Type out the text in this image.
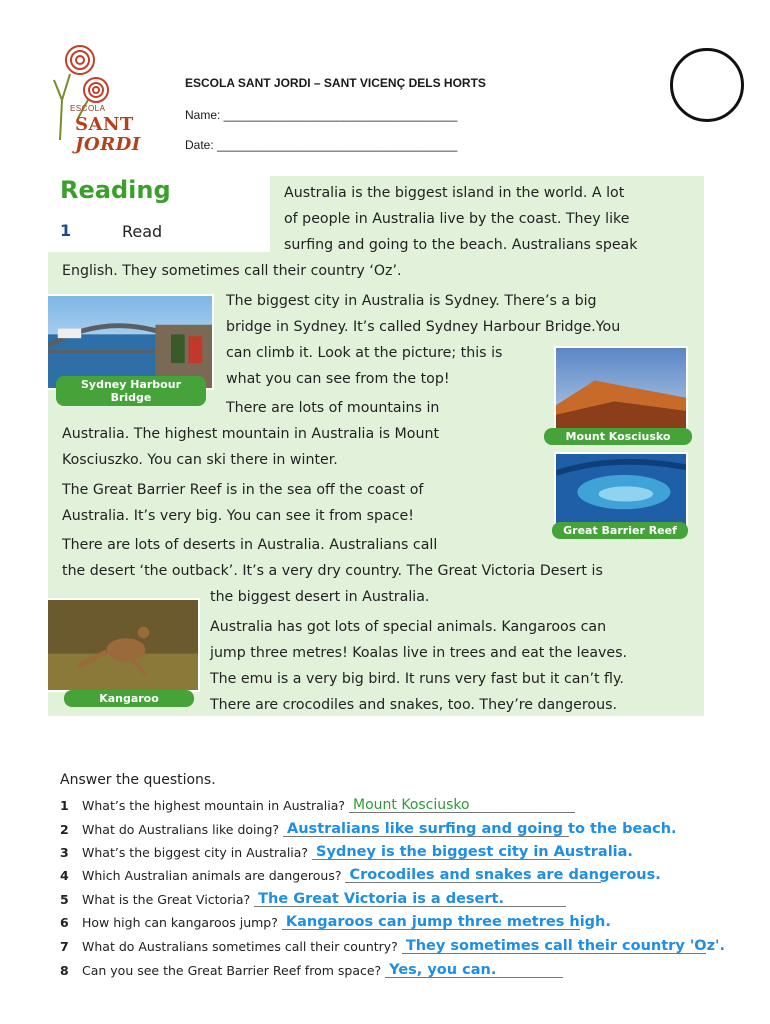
ESCOLA
SANT
JORDI
ESCOLA SANT JORDI – SANT VICENÇ DELS HORTS
Name: ___________________________________
Date: ____________________________________
Reading
1	Read

Australia is the biggest island in the world. A lot

of people in Australia live by the coast. They like

surfing and going to the beach. Australians speak

English. They sometimes call their country ‘Oz’.

The biggest city in Australia is Sydney. There’s a big

bridge in Sydney. It’s called Sydney Harbour Bridge.You

can climb it. Look at the picture; this is

what you can see from the top!

There are lots of mountains in

Australia. The highest mountain in Australia is Mount

Kosciuszko. You can ski there in winter.

The Great Barrier Reef is in the sea off the coast of

Australia. It’s very big. You can see it from space!

There are lots of deserts in Australia. Australians call

the desert ‘the outback’. It’s a very dry country. The Great Victoria Desert is

the biggest desert in Australia.

Australia has got lots of special animals. Kangaroos can

jump three metres! Koalas live in trees and eat the leaves.

The emu is a very big bird. It runs very fast but it can’t fly.

There are crocodiles and snakes, too. They’re dangerous.

Sydney Harbour Bridge
Mount Kosciusko
Great Barrier Reef
Kangaroo
Answer the questions.
1 What’s the highest mountain in Australia? Mount Kosciusko
2 What do Australians like doing? Australians like surfing and going to the beach.
3 What’s the biggest city in Australia? Sydney is the biggest city in Australia.
4 Which Australian animals are dangerous? Crocodiles and snakes are dangerous.
5 What is the Great Victoria? The Great Victoria is a desert.
6 How high can kangaroos jump? Kangaroos can jump three metres high.
7 What do Australians sometimes call their country? They sometimes call their country 'Oz'.
8 Can you see the Great Barrier Reef from space? Yes, you can.
